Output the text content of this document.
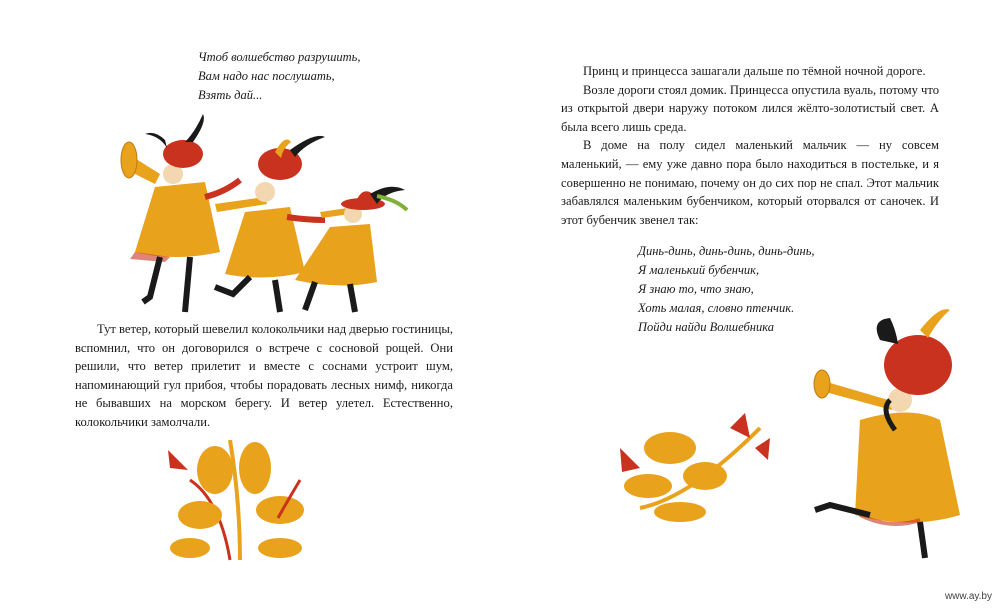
Чтоб волшебство разрушить,
Вам надо нас послушать,
Взять дай...

Тут ветер, который шевелил колокольчики над дверью гостиницы, вспомнил, что он договорился о встрече с сосновой рощей. Они решили, что ветер прилетит и вместе с соснами устроит шум, напоминающий гул прибоя, чтобы порадовать лесных нимф, никогда не бывавших на морском берегу. И ветер улетел. Естественно, колокольчики замолчали.

Принц и принцесса зашагали дальше по тёмной ночной дороге.

Возле дороги стоял домик. Принцесса опустила вуаль, потому что из открытой двери наружу потоком лился жёлто-золотистый свет. А была всего лишь среда.

В доме на полу сидел маленький мальчик — ну совсем маленький, — ему уже давно пора было находиться в постельке, и я совершенно не понимаю, почему он до сих пор не спал. Этот мальчик забавлялся маленьким бубенчиком, который оторвался от саночек. И этот бубенчик звенел так:

Динь-динь, динь-динь, динь-динь,
Я маленький бубенчик,
Я знаю то, что знаю,
Хоть малая, словно птенчик.
Пойди найди Волшебника
www.ay.by
